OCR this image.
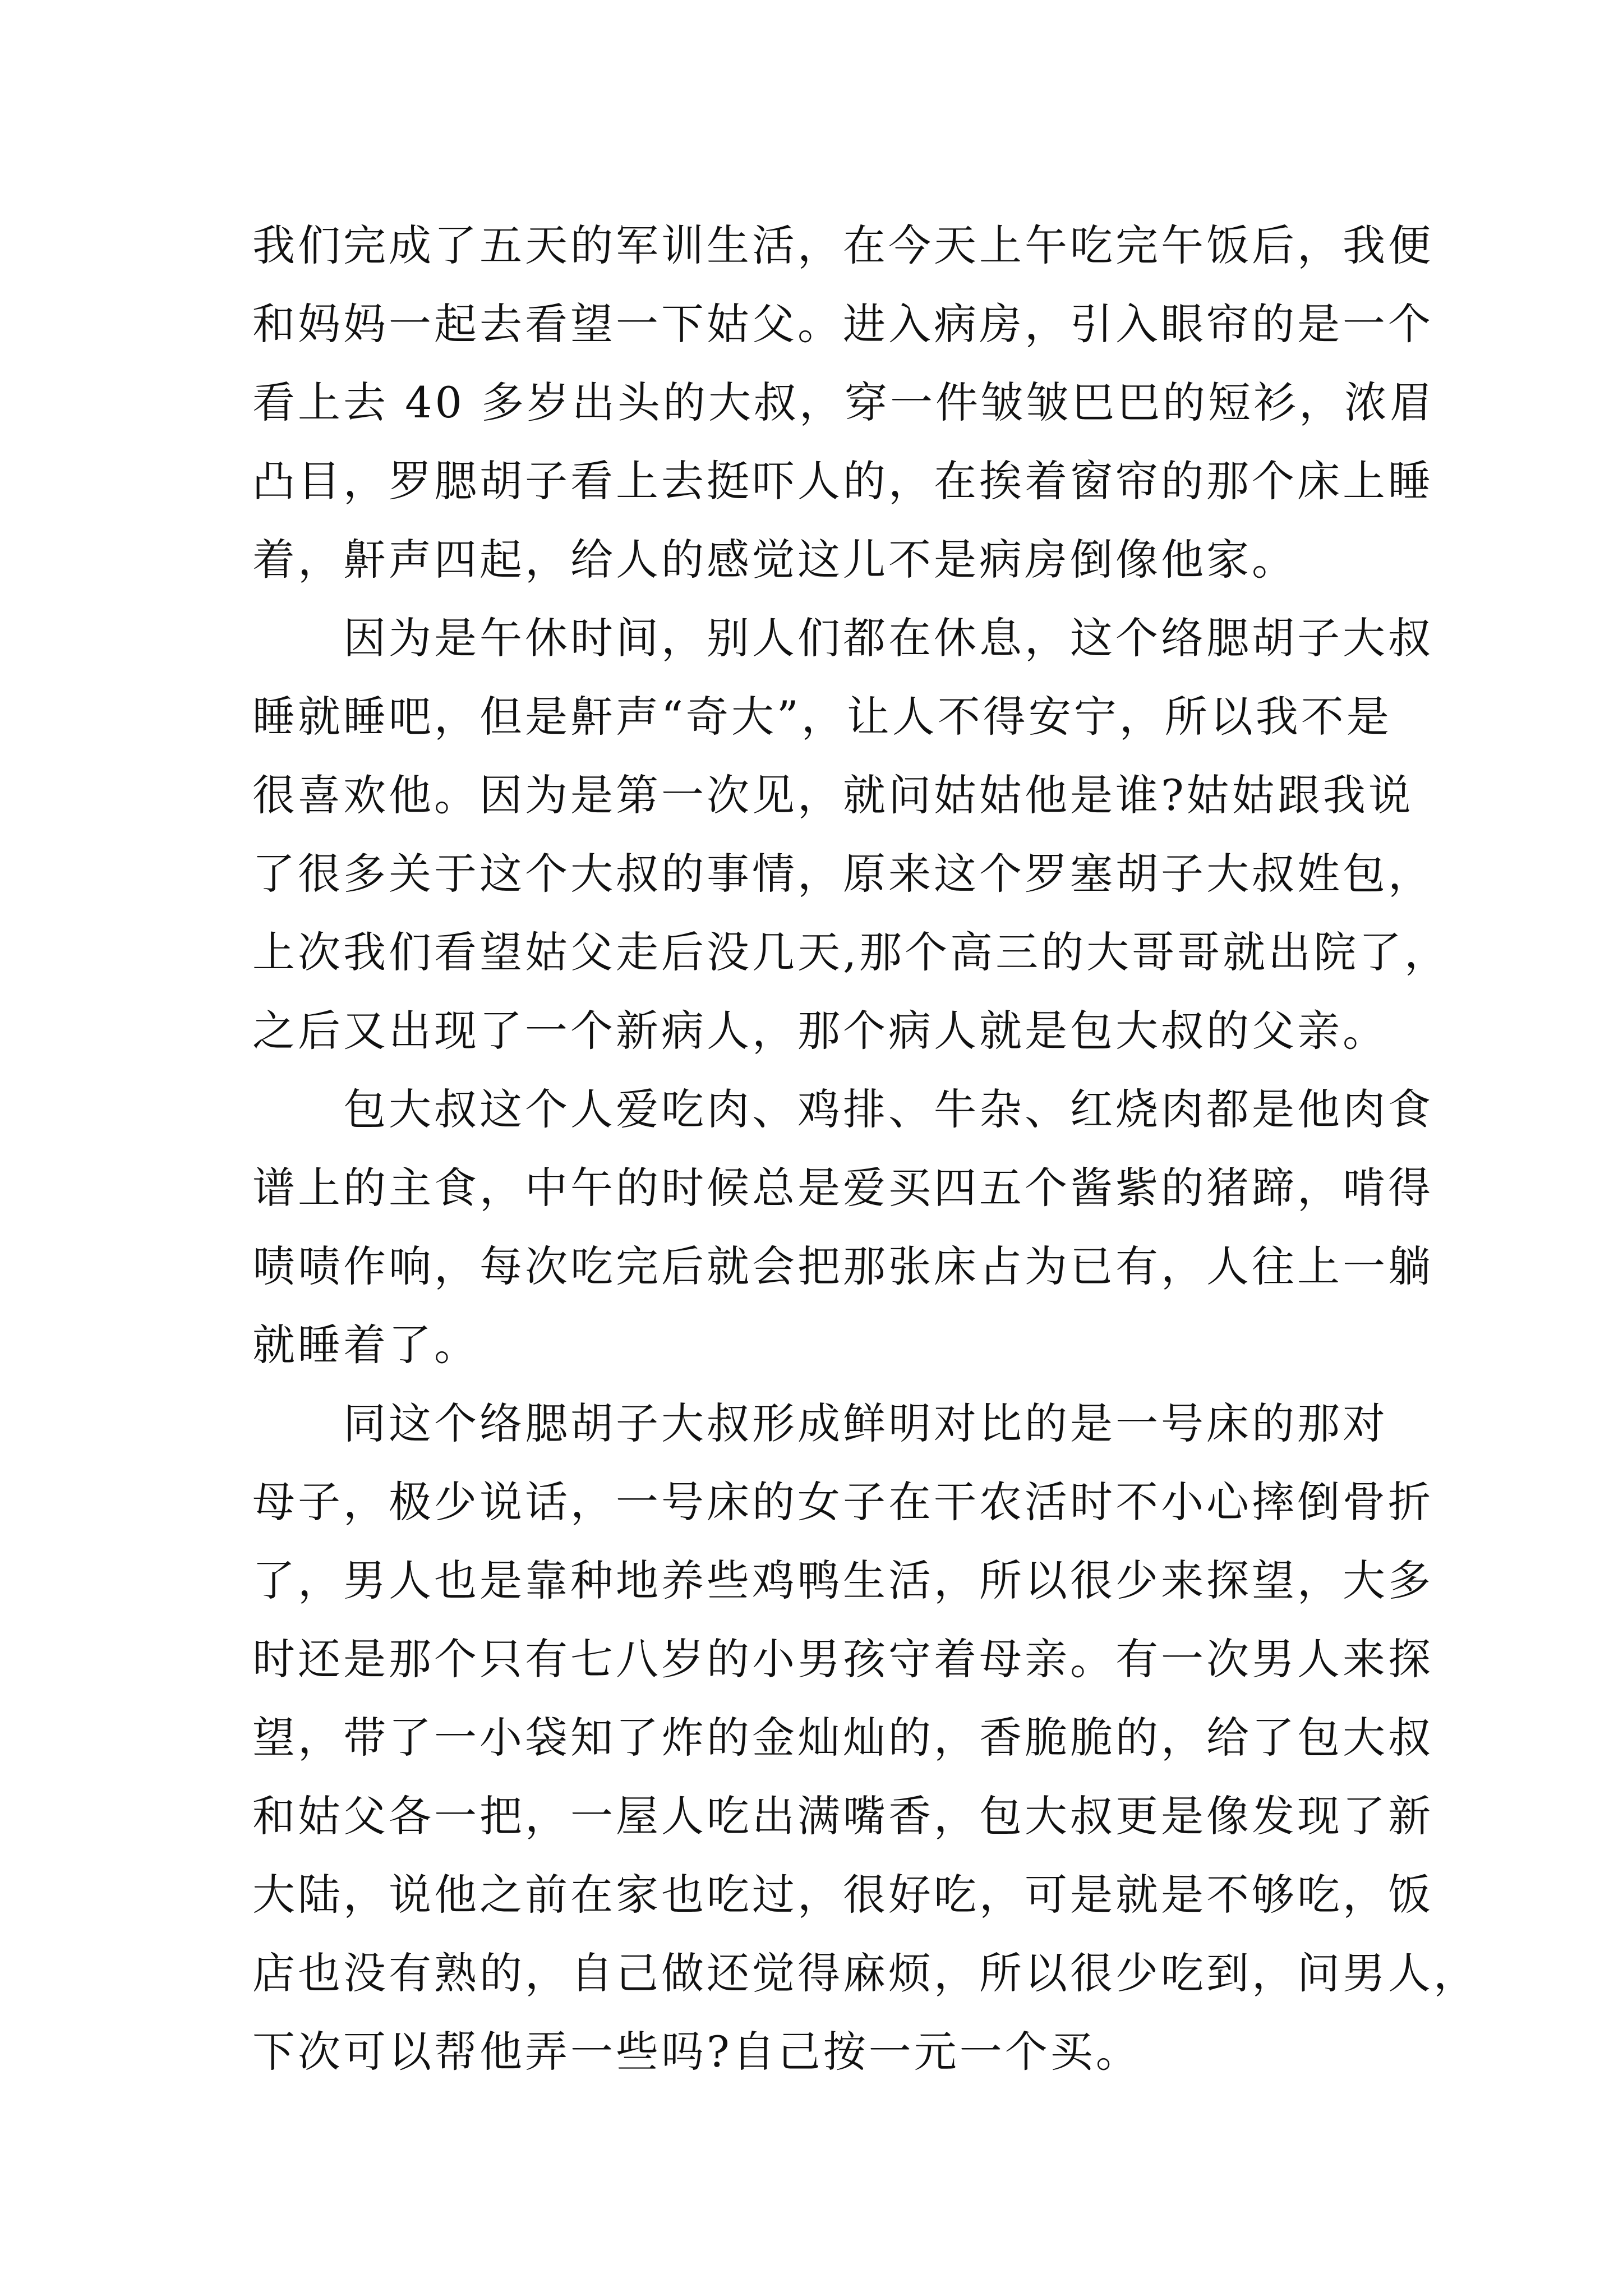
我们完成了五天的军训生活，在今天上午吃完午饭后，我便
和妈妈一起去看望一下姑父。进入病房，引入眼帘的是一个
看上去 40 多岁出头的大叔，穿一件皱皱巴巴的短衫，浓眉
凸目，罗腮胡子看上去挺吓人的，在挨着窗帘的那个床上睡
着，鼾声四起，给人的感觉这儿不是病房倒像他家。
　　因为是午休时间，别人们都在休息，这个络腮胡子大叔
睡就睡吧，但是鼾声“奇大”，让人不得安宁，所以我不是
很喜欢他。因为是第一次见，就问姑姑他是谁?姑姑跟我说
了很多关于这个大叔的事情，原来这个罗塞胡子大叔姓包，
上次我们看望姑父走后没几天,那个高三的大哥哥就出院了，
之后又出现了一个新病人，那个病人就是包大叔的父亲。
　　包大叔这个人爱吃肉、鸡排、牛杂、红烧肉都是他肉食
谱上的主食，中午的时候总是爱买四五个酱紫的猪蹄，啃得
啧啧作响，每次吃完后就会把那张床占为已有，人往上一躺
就睡着了。
　　同这个络腮胡子大叔形成鲜明对比的是一号床的那对
母子，极少说话，一号床的女子在干农活时不小心摔倒骨折
了，男人也是靠种地养些鸡鸭生活，所以很少来探望，大多
时还是那个只有七八岁的小男孩守着母亲。有一次男人来探
望，带了一小袋知了炸的金灿灿的，香脆脆的，给了包大叔
和姑父各一把，一屋人吃出满嘴香，包大叔更是像发现了新
大陆，说他之前在家也吃过，很好吃，可是就是不够吃，饭
店也没有熟的，自己做还觉得麻烦，所以很少吃到，问男人，
下次可以帮他弄一些吗?自己按一元一个买。
